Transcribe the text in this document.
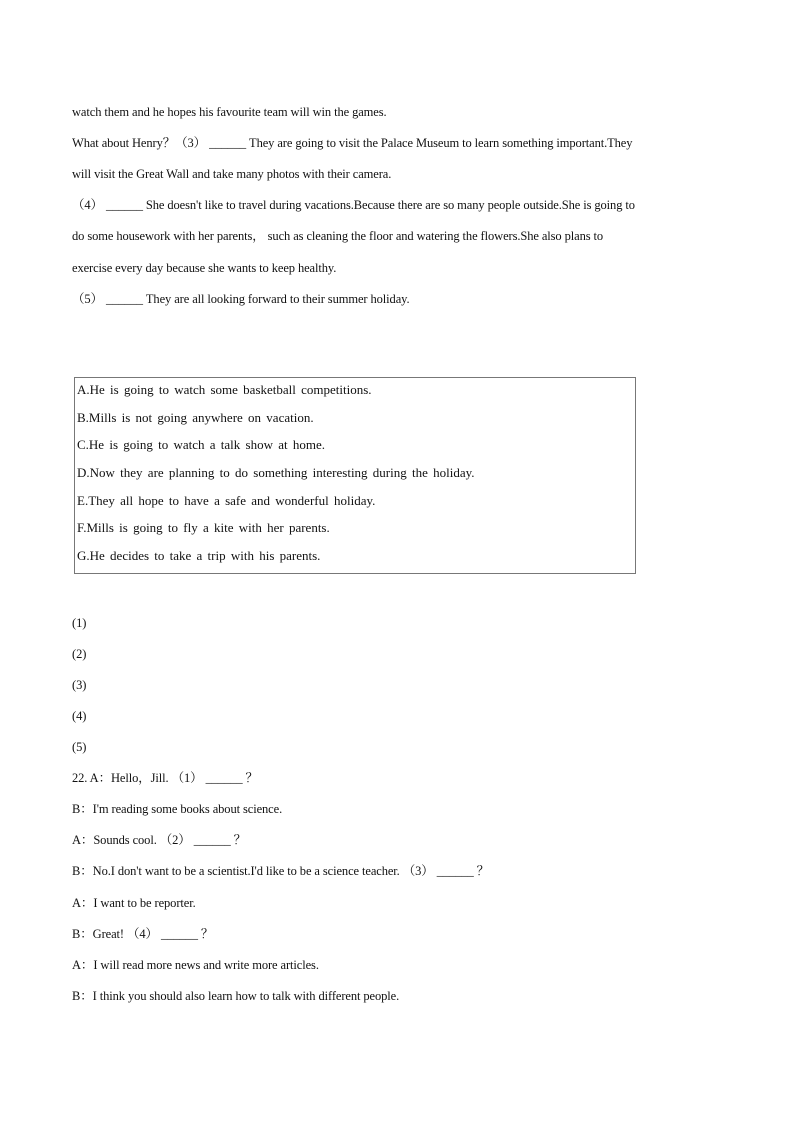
watch them and he hopes his favourite team will win the games.
What about Henry？（3） ______ They are going to visit the Palace Museum to learn something important.They
will visit the Great Wall and take many photos with their camera.
（4） ______ She doesn't like to travel during vacations.Because there are so many people outside.She is going to
do some housework with her parents， such as cleaning the floor and watering the flowers.She also plans to
exercise every day because she wants to keep healthy.
（5） ______ They are all looking forward to their summer holiday.
A.He is going to watch some basketball competitions.
B.Mills is not going anywhere on vacation.
C.He is going to watch a talk show at home.
D.Now they are planning to do something interesting during the holiday.
E.They all hope to have a safe and wonderful holiday.
F.Mills is going to fly a kite with her parents.
G.He decides to take a trip with his parents.
(1)
(2)
(3)
(4)
(5)
22. A：Hello，Jill. （1） ______ ？
B：I'm reading some books about science.
A：Sounds cool. （2） ______ ？
B：No.I don't want to be a scientist.I'd like to be a science teacher. （3） ______ ？
A：I want to be reporter.
B：Great! （4） ______ ？
A：I will read more news and write more articles.
B：I think you should also learn how to talk with different people.
